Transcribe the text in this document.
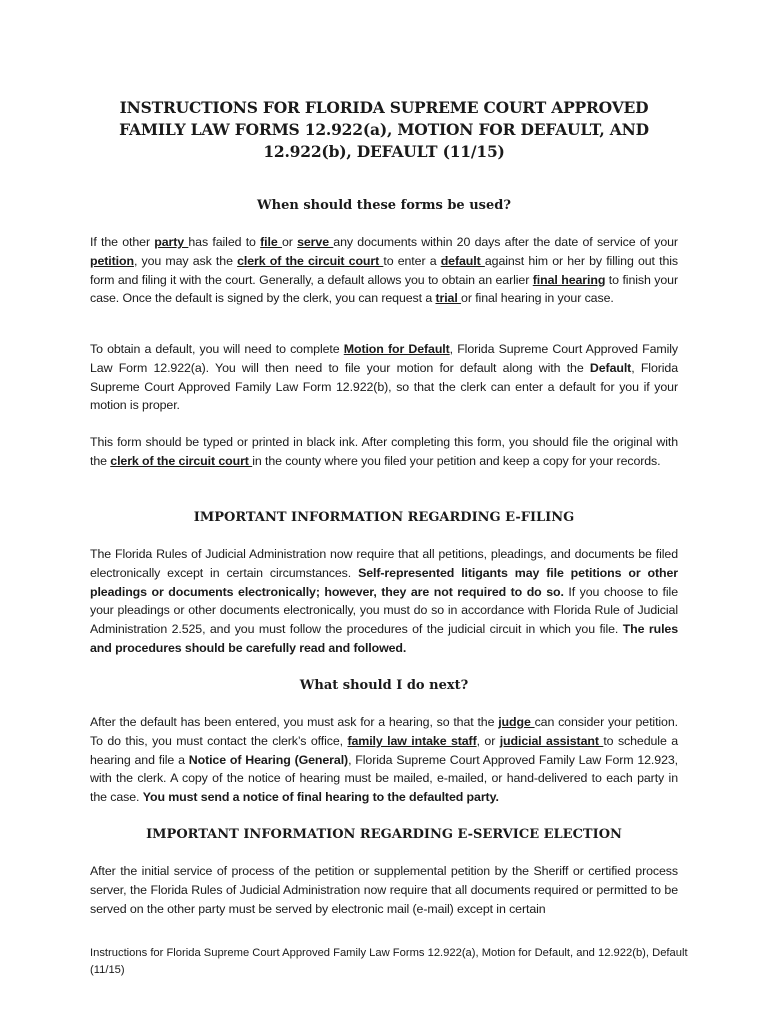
INSTRUCTIONS FOR FLORIDA SUPREME COURT APPROVED FAMILY LAW FORMS 12.922(a), MOTION FOR DEFAULT, AND 12.922(b), DEFAULT (11/15)
When should these forms be used?
If the other party has failed to file or serve any documents within 20 days after the date of service of your petition, you may ask the clerk of the circuit court to enter a default against him or her by filling out this form and filing it with the court. Generally, a default allows you to obtain an earlier final hearing to finish your case. Once the default is signed by the clerk, you can request a trial or final hearing in your case.
To obtain a default, you will need to complete Motion for Default, Florida Supreme Court Approved Family Law Form 12.922(a). You will then need to file your motion for default along with the Default, Florida Supreme Court Approved Family Law Form 12.922(b), so that the clerk can enter a default for you if your motion is proper.
This form should be typed or printed in black ink. After completing this form, you should file the original with the clerk of the circuit court in the county where you filed your petition and keep a copy for your records.
IMPORTANT INFORMATION REGARDING E-FILING
The Florida Rules of Judicial Administration now require that all petitions, pleadings, and documents be filed electronically except in certain circumstances. Self-represented litigants may file petitions or other pleadings or documents electronically; however, they are not required to do so. If you choose to file your pleadings or other documents electronically, you must do so in accordance with Florida Rule of Judicial Administration 2.525, and you must follow the procedures of the judicial circuit in which you file. The rules and procedures should be carefully read and followed.
What should I do next?
After the default has been entered, you must ask for a hearing, so that the judge can consider your petition. To do this, you must contact the clerk’s office, family law intake staff, or judicial assistant to schedule a hearing and file a Notice of Hearing (General), Florida Supreme Court Approved Family Law Form 12.923, with the clerk. A copy of the notice of hearing must be mailed, e-mailed, or hand-delivered to each party in the case. You must send a notice of final hearing to the defaulted party.
IMPORTANT INFORMATION REGARDING E-SERVICE ELECTION
After the initial service of process of the petition or supplemental petition by the Sheriff or certified process server, the Florida Rules of Judicial Administration now require that all documents required or permitted to be served on the other party must be served by electronic mail (e-mail) except in certain
Instructions for Florida Supreme Court Approved Family Law Forms 12.922(a), Motion for Default, and 12.922(b), Default (11/15)
